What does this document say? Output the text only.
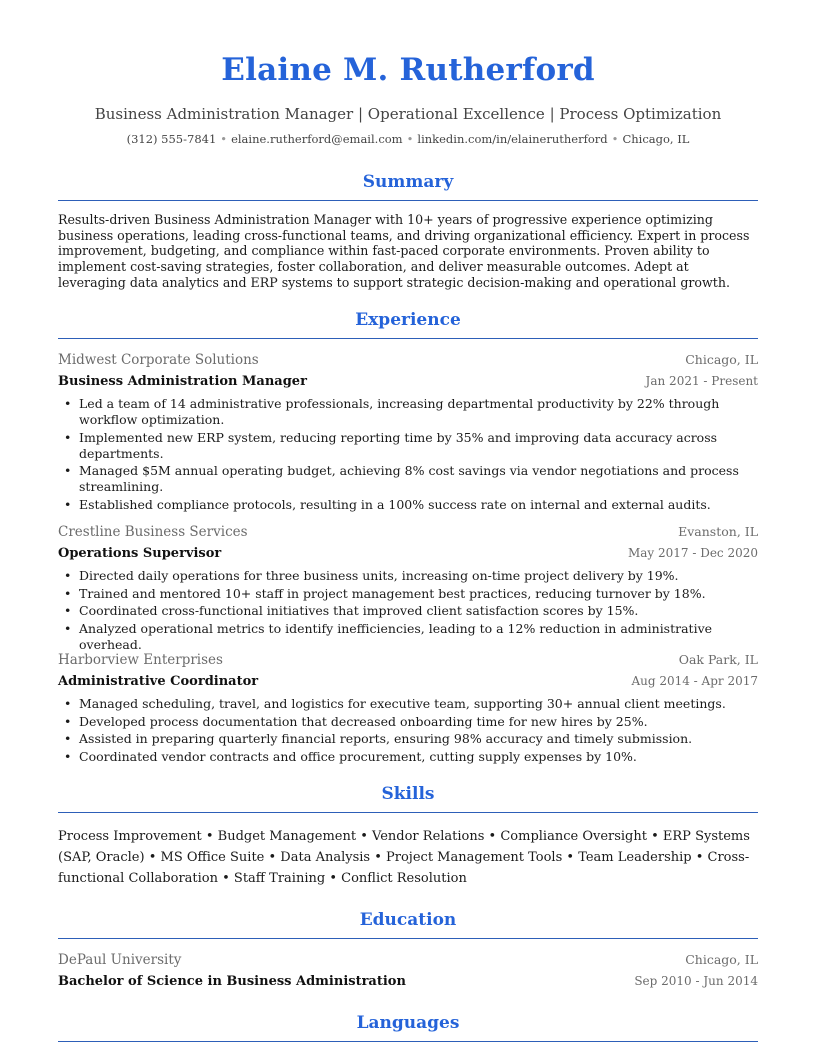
Elaine M. Rutherford
Business Administration Manager | Operational Excellence | Process Optimization
(312) 555-7841 • elaine.rutherford@email.com • linkedin.com/in/elainerutherford • Chicago, IL
Summary
Results-driven Business Administration Manager with 10+ years of progressive experience optimizing business operations, leading cross-functional teams, and driving organizational efficiency. Expert in process improvement, budgeting, and compliance within fast-paced corporate environments. Proven ability to implement cost-saving strategies, foster collaboration, and deliver measurable outcomes. Adept at leveraging data analytics and ERP systems to support strategic decision-making and operational growth.
Experience
Midwest Corporate Solutions	Chicago, IL
Business Administration Manager	Jan 2021 - Present
• Led a team of 14 administrative professionals, increasing departmental productivity by 22% through workflow optimization.
• Implemented new ERP system, reducing reporting time by 35% and improving data accuracy across departments.
• Managed $5M annual operating budget, achieving 8% cost savings via vendor negotiations and process streamlining.
• Established compliance protocols, resulting in a 100% success rate on internal and external audits.
Crestline Business Services	Evanston, IL
Operations Supervisor	May 2017 - Dec 2020
• Directed daily operations for three business units, increasing on-time project delivery by 19%.
• Trained and mentored 10+ staff in project management best practices, reducing turnover by 18%.
• Coordinated cross-functional initiatives that improved client satisfaction scores by 15%.
• Analyzed operational metrics to identify inefficiencies, leading to a 12% reduction in administrative overhead.
Harborview Enterprises	Oak Park, IL
Administrative Coordinator	Aug 2014 - Apr 2017
• Managed scheduling, travel, and logistics for executive team, supporting 30+ annual client meetings.
• Developed process documentation that decreased onboarding time for new hires by 25%.
• Assisted in preparing quarterly financial reports, ensuring 98% accuracy and timely submission.
• Coordinated vendor contracts and office procurement, cutting supply expenses by 10%.
Skills
Process Improvement • Budget Management • Vendor Relations • Compliance Oversight • ERP Systems (SAP, Oracle) • MS Office Suite • Data Analysis • Project Management Tools • Team Leadership • Cross-functional Collaboration • Staff Training • Conflict Resolution
Education
DePaul University	Chicago, IL
Bachelor of Science in Business Administration	Sep 2010 - Jun 2014
Languages
